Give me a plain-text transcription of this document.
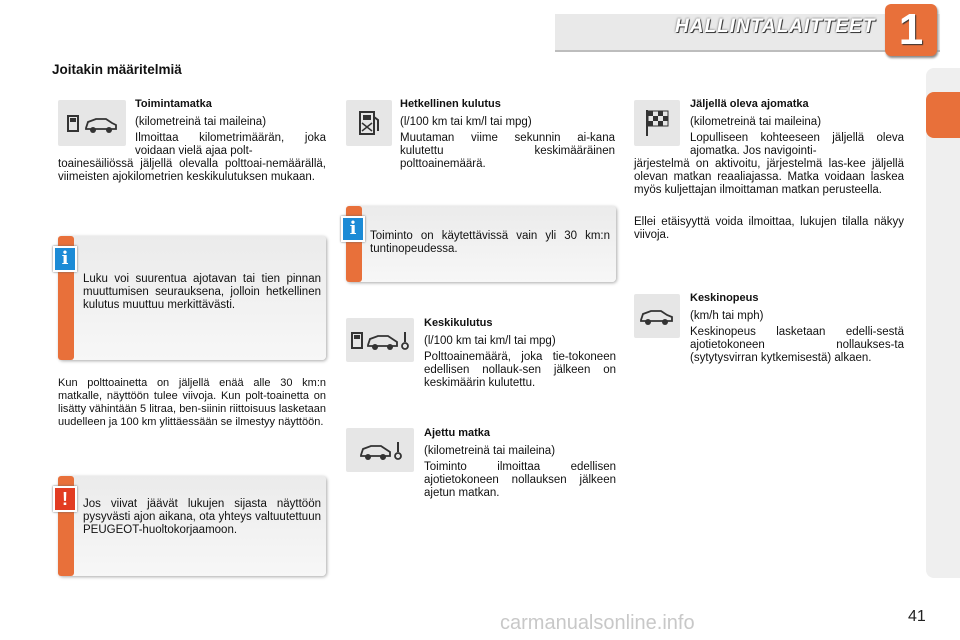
HALLINTALAITTEET 1
Joitakin määritelmiä
Toimintamatka
(kilometreinä tai maileina)
Ilmoittaa kilometrimäärän, joka voidaan vielä ajaa polt-
toainesäiliössä jäljellä olevalla polttoai-nemäärällä, viimeisten ajokilometrien keskikulutuksen mukaan.
i
Luku voi suurentua ajotavan tai tien pinnan muuttumisen seurauksena, jolloin hetkellinen kulutus muuttuu merkittävästi.
Kun polttoainetta on jäljellä enää alle 30 km:n matkalle, näyttöön tulee viivoja. Kun polt-toainetta on lisätty vähintään 5 litraa, ben-siinin riittoisuus lasketaan uudelleen ja 100 km ylittäessään se ilmestyy näyttöön.
!	Jos viivat jäävät lukujen sijasta näyttöön pysyvästi ajon aikana, ota yhteys valtuutettuun PEUGEOT-huoltokorjaamoon.
Hetkellinen kulutus
(l/100 km tai km/l tai mpg)
Muutaman viime sekunnin ai-kana kulutettu keskimääräinen polttoainemäärä.
i	Toiminto on käytettävissä vain yli 30 km:n tuntinopeudessa.
Keskikulutus
(l/100 km tai km/l tai mpg)
Polttoainemäärä, joka tie-tokoneen edellisen nollauk-sen jälkeen on keskimäärin kulutettu.
Ajettu matka
(kilometreinä tai maileina)
Toiminto ilmoittaa edellisen ajotietokoneen nollauksen jälkeen ajetun matkan.
Jäljellä oleva ajomatka
(kilometreinä tai maileina)
Lopulliseen kohteeseen jäljellä oleva ajomatka. Jos navigointi-
järjestelmä on aktivoitu, järjestelmä las-kee jäljellä olevan matkan reaaliajassa. Matka voidaan laskea myös kuljettajan ilmoittaman matkan perusteella.
Ellei etäisyyttä voida ilmoittaa, lukujen tilalla näkyy viivoja.
Keskinopeus
(km/h tai mph)
Keskinopeus lasketaan edelli-sestä ajotietokoneen nollaukses-ta (sytytysvirran kytkemisestä) alkaen.
carmanualsonline.info	41
